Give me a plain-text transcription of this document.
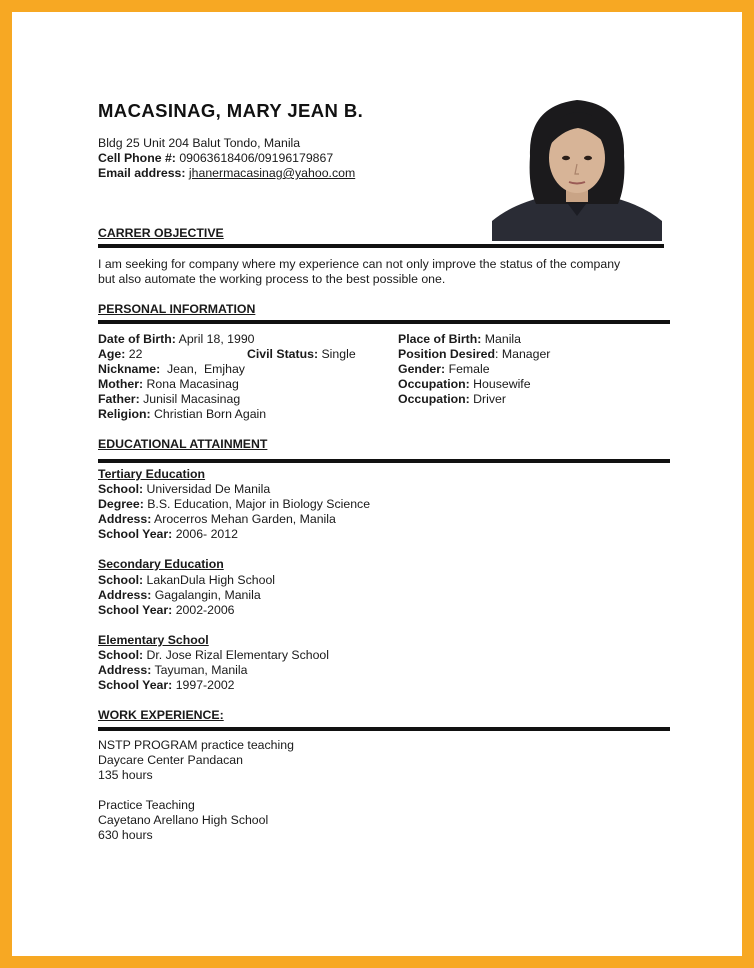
MACASINAG, MARY JEAN B.
Bldg 25 Unit 204 Balut Tondo, Manila
Cell Phone #: 09063618406/09196179867
Email address: jhanermacasinag@yahoo.com
CARRER OBJECTIVE
I am seeking for company where my experience can not only improve the status of the company
but also automate the working process to the best possible one.
PERSONAL INFORMATION
Date of Birth: April 18, 1990
Age: 22	Civil Status: Single
Nickname:  Jean,  Emjhay
Mother: Rona Macasinag
Father: Junisil Macasinag
Religion: Christian Born Again
Place of Birth: Manila
Position Desired: Manager
Gender: Female
Occupation: Housewife
Occupation: Driver
EDUCATIONAL ATTAINMENT
Tertiary Education
School: Universidad De Manila
Degree: B.S. Education, Major in Biology Science
Address: Arocerros Mehan Garden, Manila
School Year: 2006- 2012
Secondary Education
School: LakanDula High School
Address: Gagalangin, Manila
School Year: 2002-2006
Elementary School
School: Dr. Jose Rizal Elementary School
Address: Tayuman, Manila
School Year: 1997-2002
WORK EXPERIENCE:
NSTP PROGRAM practice teaching
Daycare Center Pandacan
135 hours
Practice Teaching
Cayetano Arellano High School
630 hours
